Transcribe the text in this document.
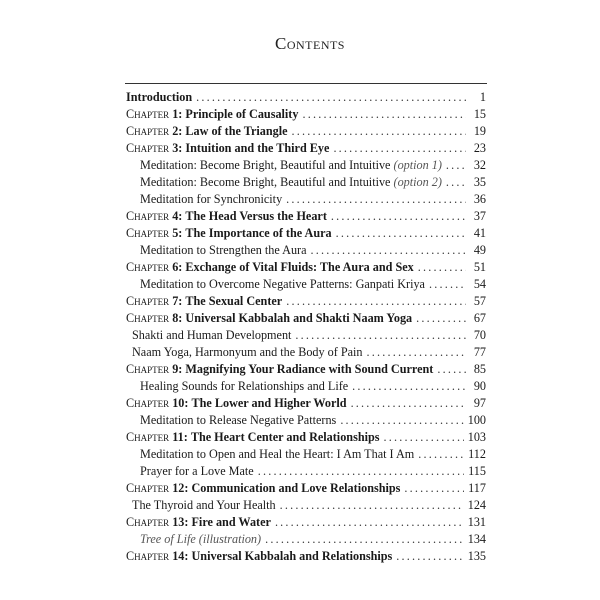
Contents
Introduction .....	1
Chapter 1: Principle of Causality .....	15
Chapter 2: Law of the Triangle .....	19
Chapter 3: Intuition and the Third Eye .....	23
Meditation: Become Bright, Beautiful and Intuitive (option 1) .....	32
Meditation: Become Bright, Beautiful and Intuitive (option 2) .....	35
Meditation for Synchronicity .....	36
Chapter 4: The Head Versus the Heart .....	37
Chapter 5: The Importance of the Aura .....	41
Meditation to Strengthen the Aura .....	49
Chapter 6: Exchange of Vital Fluids: The Aura and Sex .....	51
Meditation to Overcome Negative Patterns: Ganpati Kriya .....	54
Chapter 7: The Sexual Center .....	57
Chapter 8: Universal Kabbalah and Shakti Naam Yoga .....	67
Shakti and Human Development .....	70
Naam Yoga, Harmonyum and the Body of Pain .....	77
Chapter 9: Magnifying Your Radiance with Sound Current .....	85
Healing Sounds for Relationships and Life .....	90
Chapter 10: The Lower and Higher World .....	97
Meditation to Release Negative Patterns .....	100
Chapter 11: The Heart Center and Relationships .....	103
Meditation to Open and Heal the Heart: I Am That I Am .....	112
Prayer for a Love Mate .....	115
Chapter 12: Communication and Love Relationships .....	117
The Thyroid and Your Health .....	124
Chapter 13: Fire and Water .....	131
Tree of Life (illustration) .....	134
Chapter 14: Universal Kabbalah and Relationships .....	135
